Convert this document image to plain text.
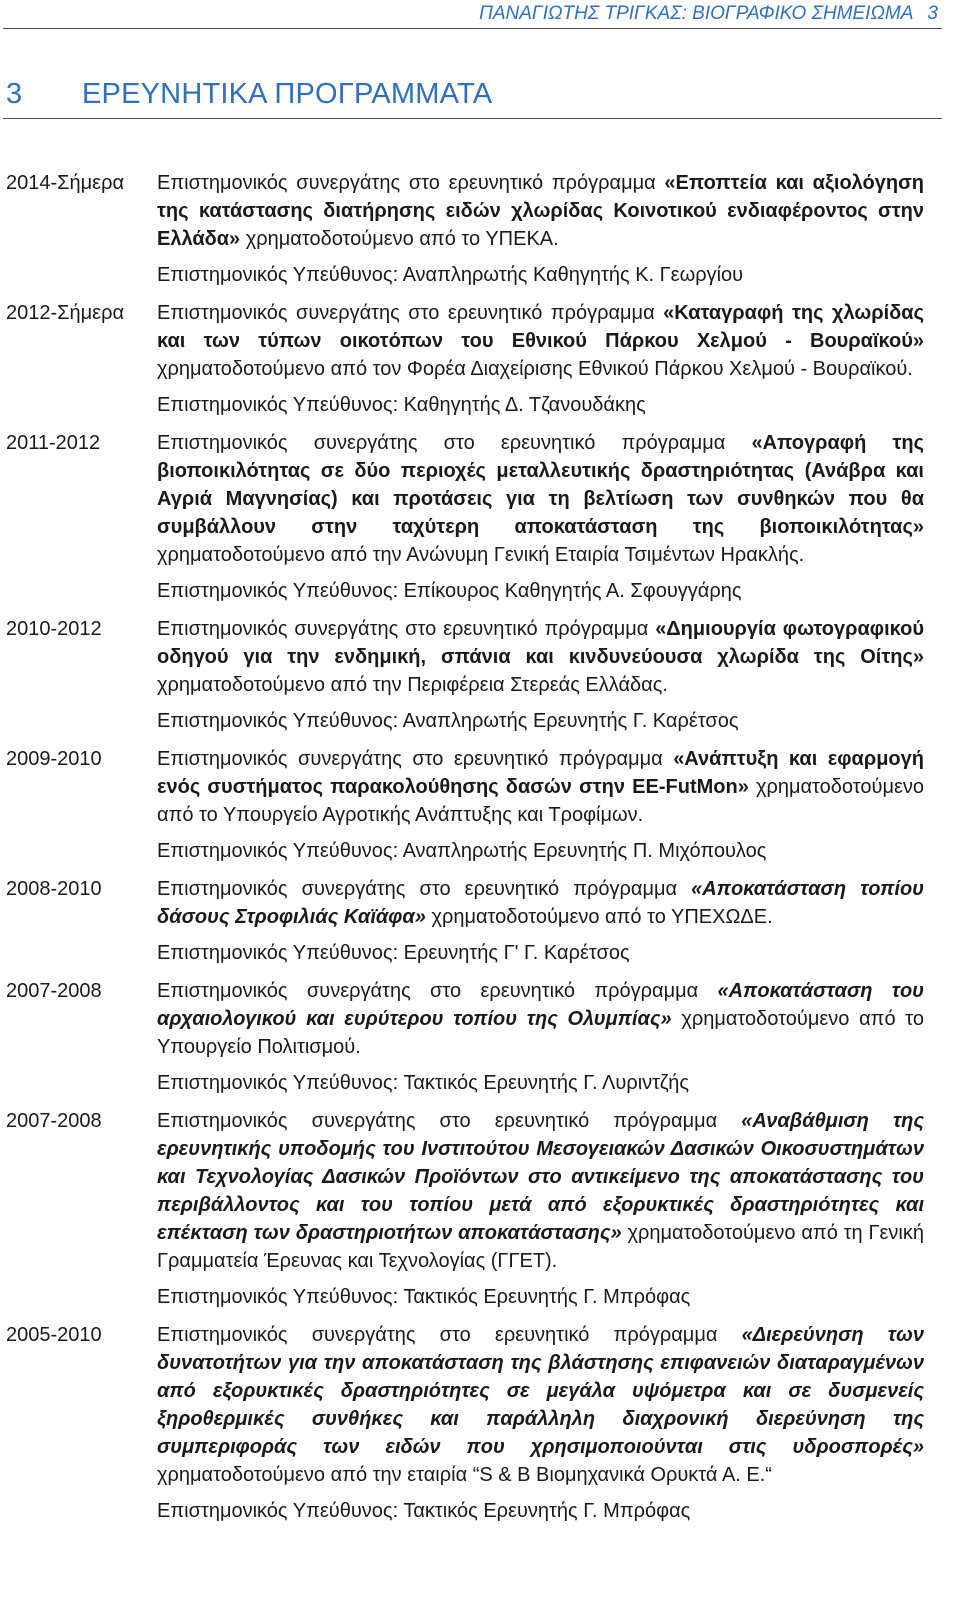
ΠΑΝΑΓΙΩΤΗΣ ΤΡΙΓΚΑΣ: ΒΙΟΓΡΑΦΙΚΟ ΣΗΜΕΙΩΜΑ 3
3 ΕΡΕΥΝΗΤΙΚΑ ΠΡΟΓΡΑΜΜΑΤΑ
2014-Σήμερα Επιστημονικός συνεργάτης στο ερευνητικό πρόγραμμα «Εποπτεία και αξιολόγηση της κατάστασης διατήρησης ειδών χλωρίδας Κοινοτικού ενδιαφέροντος στην Ελλάδα» χρηματοδοτούμενο από το ΥΠΕΚΑ.

Επιστημονικός Υπεύθυνος: Αναπληρωτής Καθηγητής Κ. Γεωργίου

2012-Σήμερα Επιστημονικός συνεργάτης στο ερευνητικό πρόγραμμα «Καταγραφή της χλωρίδας και των τύπων οικοτόπων του Εθνικού Πάρκου Χελμού - Βουραϊκού» χρηματοδοτούμενο από τον Φορέα Διαχείρισης Εθνικού Πάρκου Χελμού - Βουραϊκού.

Επιστημονικός Υπεύθυνος: Καθηγητής Δ. Τζανουδάκης

2011-2012	Επιστημονικός συνεργάτης στο ερευνητικό πρόγραμμα «Απογραφή της βιοποικιλότητας σε δύο περιοχές μεταλλευτικής δραστηριότητας (Ανάβρα και Αγριά Μαγνησίας) και προτάσεις για τη βελτίωση των συνθηκών που θα συμβάλλουν στην ταχύτερη αποκατάσταση της βιοποικιλότητας» χρηματοδοτούμενο από την Ανώνυμη Γενική Εταιρία Τσιμέντων Ηρακλής.

Επιστημονικός Υπεύθυνος: Επίκουρος Καθηγητής Α. Σφουγγάρης

2010-2012	Επιστημονικός συνεργάτης στο ερευνητικό πρόγραμμα «Δημιουργία φωτογραφικού οδηγού για την ενδημική, σπάνια και κινδυνεύουσα χλωρίδα της Οίτης» χρηματοδοτούμενο από την Περιφέρεια Στερεάς Ελλάδας.

Επιστημονικός Υπεύθυνος: Αναπληρωτής Ερευνητής Γ. Καρέτσος

2009-2010	Επιστημονικός συνεργάτης στο ερευνητικό πρόγραμμα «Ανάπτυξη και εφαρμογή ενός συστήματος παρακολούθησης δασών στην ΕΕ-FutMon» χρηματοδοτούμενο από το Υπουργείο Αγροτικής Ανάπτυξης και Τροφίμων.

Επιστημονικός Υπεύθυνος: Αναπληρωτής Ερευνητής Π. Μιχόπουλος

2008-2010	Επιστημονικός συνεργάτης στο ερευνητικό πρόγραμμα «Αποκατάσταση τοπίου δάσους Στροφιλιάς Καϊάφα» χρηματοδοτούμενο από το ΥΠΕΧΩΔΕ.

Επιστημονικός Υπεύθυνος: Ερευνητής Γ' Γ. Καρέτσος

2007-2008	Επιστημονικός συνεργάτης στο ερευνητικό πρόγραμμα «Αποκατάσταση του αρχαιολογικού και ευρύτερου τοπίου της Ολυμπίας» χρηματοδοτούμενο από το Υπουργείο Πολιτισμού.

Επιστημονικός Υπεύθυνος: Τακτικός Ερευνητής Γ. Λυριντζής

2007-2008	Επιστημονικός συνεργάτης στο ερευνητικό πρόγραμμα «Αναβάθμιση της ερευνητικής υποδομής του Ινστιτούτου Μεσογειακών Δασικών Οικοσυστημάτων και Τεχνολογίας Δασικών Προϊόντων στο αντικείμενο της αποκατάστασης του περιβάλλοντος και του τοπίου μετά από εξορυκτικές δραστηριότητες και επέκταση των δραστηριοτήτων αποκατάστασης» χρηματοδοτούμενο από τη Γενική Γραμματεία Έρευνας και Τεχνολογίας (ΓΓΕΤ).

Επιστημονικός Υπεύθυνος: Τακτικός Ερευνητής Γ. Μπρόφας

2005-2010	Επιστημονικός συνεργάτης στο ερευνητικό πρόγραμμα «Διερεύνηση των δυνατοτήτων για την αποκατάσταση της βλάστησης επιφανειών διαταραγμένων από εξορυκτικές δραστηριότητες σε μεγάλα υψόμετρα και σε δυσμενείς ξηροθερμικές συνθήκες και παράλληλη διαχρονική διερεύνηση της συμπεριφοράς των ειδών που χρησιμοποιούνται στις υδροσπορές» χρηματοδοτούμενο από την εταιρία “S & B Βιομηχανικά Ορυκτά Α. Ε.“

Επιστημονικός Υπεύθυνος: Τακτικός Ερευνητής Γ. Μπρόφας
